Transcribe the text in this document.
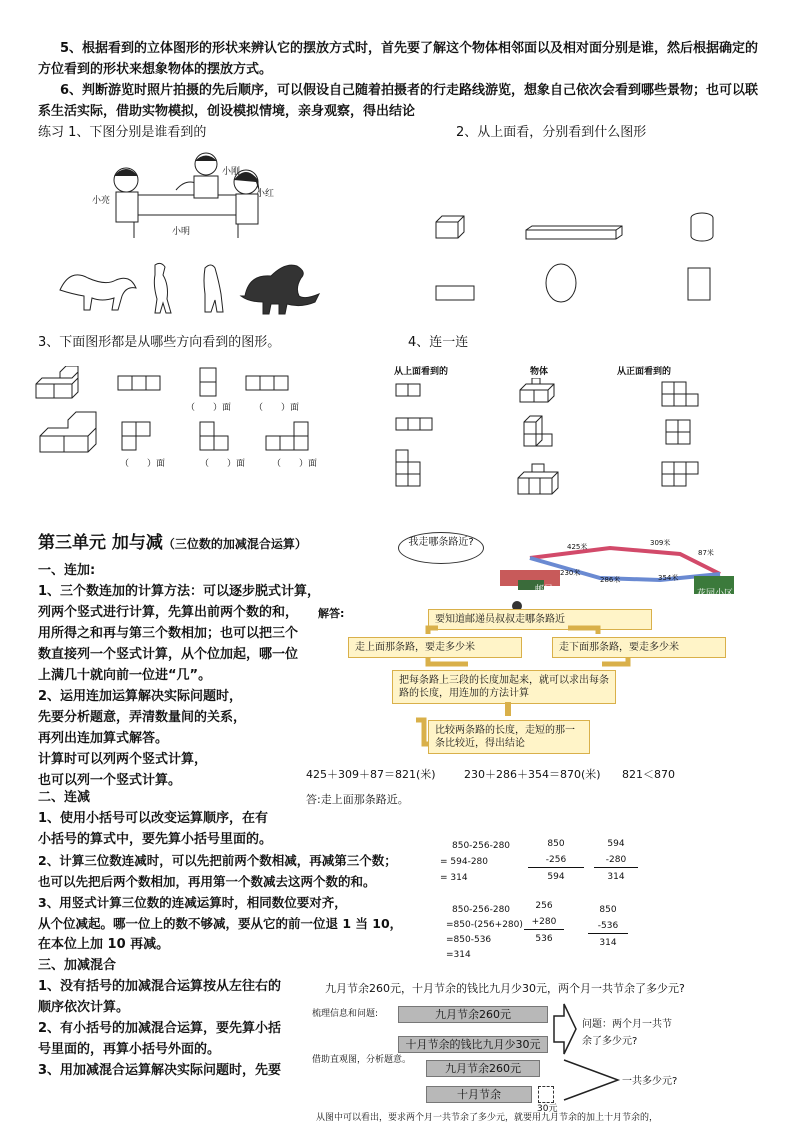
5、根据看到的立体图形的形状来辨认它的摆放方式时，首先要了解这个物体相邻面以及相对面分别是谁，然后根据确定的方位看到的形状来想象物体的摆放方式。
6、判断游览时照片拍摄的先后顺序，可以假设自己随着拍摄者的行走路线游览，想象自己依次会看到哪些景物；也可以联系生活实际，借助实物模拟，创设模拟情境，亲身观察，得出结论
练习 1、下图分别是谁看到的	2、从上面看，分别看到什么图形
小亮
小刚
小红
小明
3、下面图形都是从哪些方向看到的图形。	4、连一连
（　　）面	（　　）面
（　　）面	（　　）面	（　　）面
从上面看到的	物体	从正面看到的
第三单元 加与减（三位数的加减混合运算）
一、连加:
1、三个数连加的计算方法：可以逐步脱式计算，
列两个竖式进行计算，先算出前两个数的和，
用所得之和再与第三个数相加；也可以把三个
数直接列一个竖式计算，从个位加起，哪一位
上满几十就向前一位进“几”。
2、运用连加运算解决实际问题时，
先要分析题意，弄清数量间的关系，
再列出连加算式解答。
计算时可以列两个竖式计算，
也可以列一个竖式计算。
解答:
我走哪条路近?
邮局	花园小区
425米	309米
87米
230米
286米	354米
要知道邮递员叔叔走哪条路近
走上面那条路，要走多少米	走下面那条路，要走多少米
把每条路上三段的长度加起来，就可以求出每条路的长度，用连加的方法计算
比较两条路的长度，走短的那一条比较近，得出结论
425＋309＋87＝821(米)	230＋286＋354＝870(米) 821＜870
答:走上面那条路近。
二、连减
1、使用小括号可以改变运算顺序，在有
小括号的算式中，要先算小括号里面的。
2、计算三位数连减时，可以先把前两个数相减，再减第三个数；
也可以先把后两个数相加，再用第一个数减去这两个数的和。
3、用竖式计算三位数的连减运算时，相同数位要对齐，
从个位减起。哪一位上的数不够减，要从它的前一位退 1 当 10，
在本位上加 10 再减。
850-256-280
= 594-280
= 314
850
-256
594
594
-280
314
850-256-280
=850-(256+280)
=850-536
=314
256
+280
536
850
-536
314
三、加减混合
1、没有括号的加减混合运算按从左往右的
顺序依次计算。
2、有小括号的加减混合运算，要先算小括
号里面的，再算小括号外面的。
3、用加减混合运算解决实际问题时，先要
九月节余260元，十月节余的钱比九月少30元，两个月一共节余了多少元?
梳理信息和问题:	九月节余260元
十月节余的钱比九月少30元
问题：两个月一共节余了多少元?
借助直观图，分析题意。
九月节余260元
十月节余
30元
一共多少元?
从图中可以看出，要求两个月一共节余了多少元，就要用九月节余的加上十月节余的，
